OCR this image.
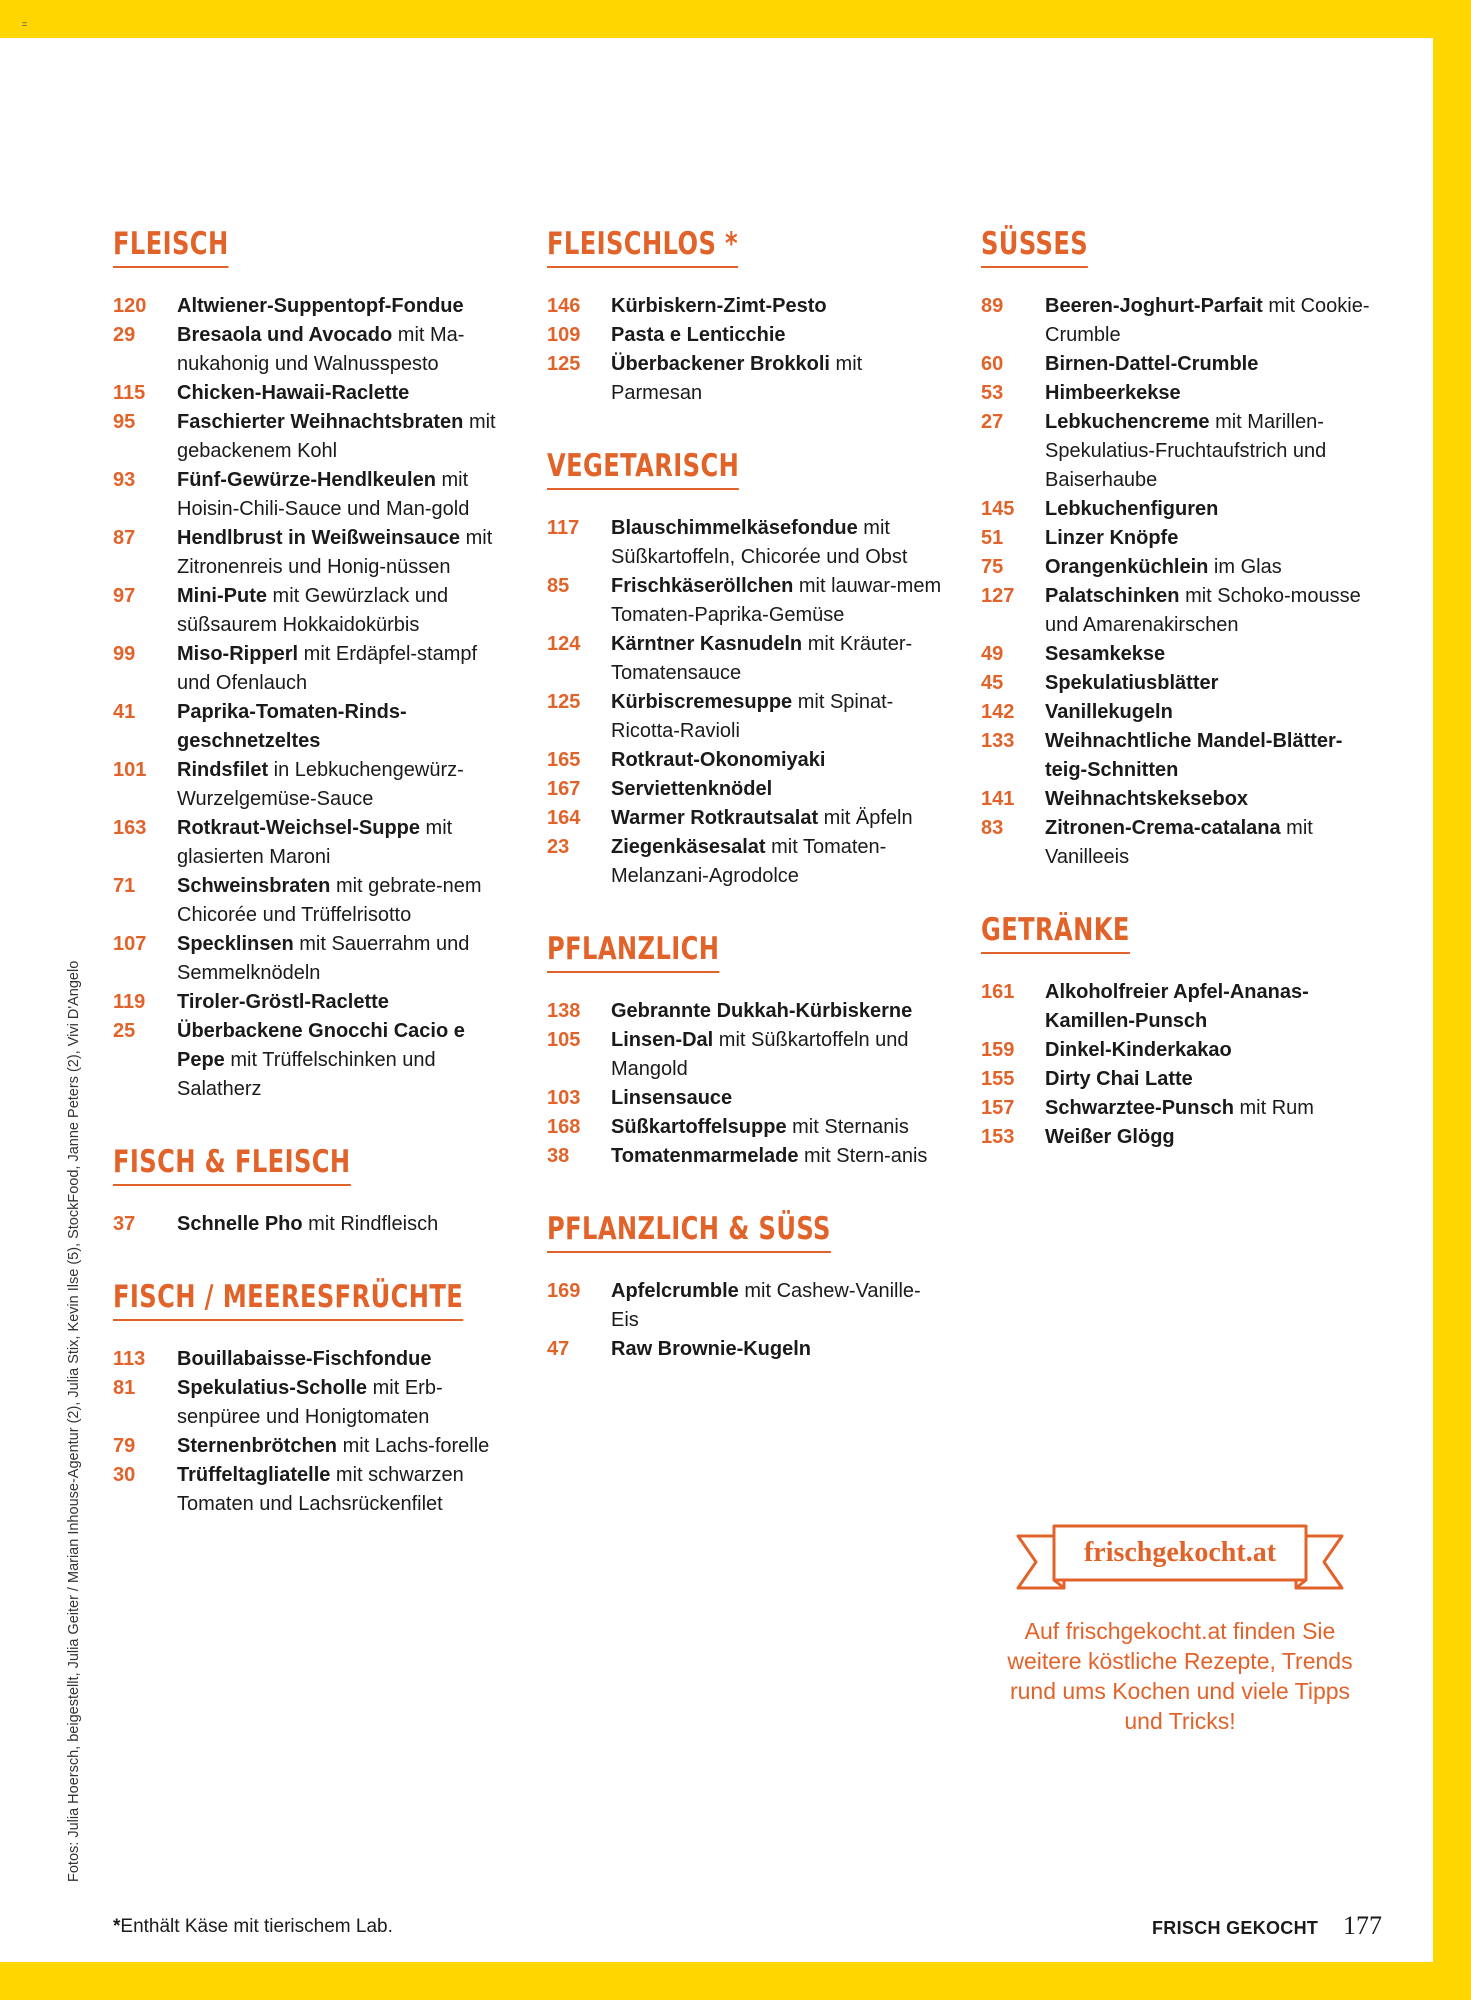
=
FLEISCH
120	Altwiener-Suppentopf-Fondue
29	Bresaola und Avocado mit Ma-nukahonig und Walnusspesto
115	Chicken-Hawaii-Raclette
95	Faschierter Weihnachtsbraten mit gebackenem Kohl
93	Fünf-Gewürze-Hendlkeulen mit Hoisin-Chili-Sauce und Man-gold
87	Hendlbrust in Weißweinsauce mit Zitronenreis und Honig-nüssen
97	Mini-Pute mit Gewürzlack und süßsaurem Hokkaidokürbis
99	Miso-Ripperl mit Erdäpfel-stampf und Ofenlauch
41	Paprika-Tomaten-Rinds-geschnetzeltes
101	Rindsfilet in Lebkuchengewürz-Wurzelgemüse-Sauce
163	Rotkraut-Weichsel-Suppe mit glasierten Maroni
71	Schweinsbraten mit gebrate-nem Chicorée und Trüffelrisotto
107	Specklinsen mit Sauerrahm und Semmelknödeln
119	Tiroler-Gröstl-Raclette
25	Überbackene Gnocchi Cacio e Pepe mit Trüffelschinken und Salatherz
FISCH & FLEISCH
37	Schnelle Pho mit Rindfleisch
FISCH / MEERESFRÜCHTE
113	Bouillabaisse-Fischfondue
81	Spekulatius-Scholle mit Erb-senpüree und Honigtomaten
79	Sternenbrötchen mit Lachs-forelle
30	Trüffeltagliatelle mit schwarzen Tomaten und Lachsrückenfilet
FLEISCHLOS *
146	Kürbiskern-Zimt-Pesto
109	Pasta e Lenticchie
125	Überbackener Brokkoli mit Parmesan
VEGETARISCH
117	Blauschimmelkäsefondue mit Süßkartoffeln, Chicorée und Obst
85	Frischkäseröllchen mit lauwar-mem Tomaten-Paprika-Gemüse
124	Kärntner Kasnudeln mit Kräuter-Tomatensauce
125	Kürbiscremesuppe mit Spinat-Ricotta-Ravioli
165	Rotkraut-Okonomiyaki
167	Serviettenknödel
164	Warmer Rotkrautsalat mit Äpfeln
23	Ziegenkäsesalat mit Tomaten-Melanzani-Agrodolce
PFLANZLICH
138	Gebrannte Dukkah-Kürbiskerne
105	Linsen-Dal mit Süßkartoffeln und Mangold
103	Linsensauce
168	Süßkartoffelsuppe mit Sternanis
38	Tomatenmarmelade mit Stern-anis
PFLANZLICH & SÜSS
169	Apfelcrumble mit Cashew-Vanille-Eis
47	Raw Brownie-Kugeln
SÜSSES
89	Beeren-Joghurt-Parfait mit Cookie-Crumble
60	Birnen-Dattel-Crumble
53	Himbeerkekse
27	Lebkuchencreme mit Marillen-Spekulatius-Fruchtaufstrich und Baiserhaube
145	Lebkuchenfiguren
51	Linzer Knöpfe
75	Orangenküchlein im Glas
127	Palatschinken mit Schoko-mousse und Amarenakirschen
49	Sesamkekse
45	Spekulatiusblätter
142	Vanillekugeln
133	Weihnachtliche Mandel-Blätter-teig-Schnitten
141	Weihnachtskeksebox
83	Zitronen-Crema-catalana mit Vanilleeis
GETRÄNKE
161	Alkoholfreier Apfel-Ananas-Kamillen-Punsch
159	Dinkel-Kinderkakao
155	Dirty Chai Latte
157	Schwarztee-Punsch mit Rum
153	Weißer Glögg
Fotos: Julia Hoersch, beigestellt, Julia Geiter / Marian Inhouse-Agentur (2), Julia Stix, Kevin Ilse (5), StockFood, Janne Peters (2), Vivi D'Angelo	frischgekocht.at
Auf frischgekocht.at finden Sie weitere köstliche Rezepte, Trends rund ums Kochen und viele Tipps und Tricks!
*Enthält Käse mit tierischem Lab.	FRISCH GEKOCHT 177
